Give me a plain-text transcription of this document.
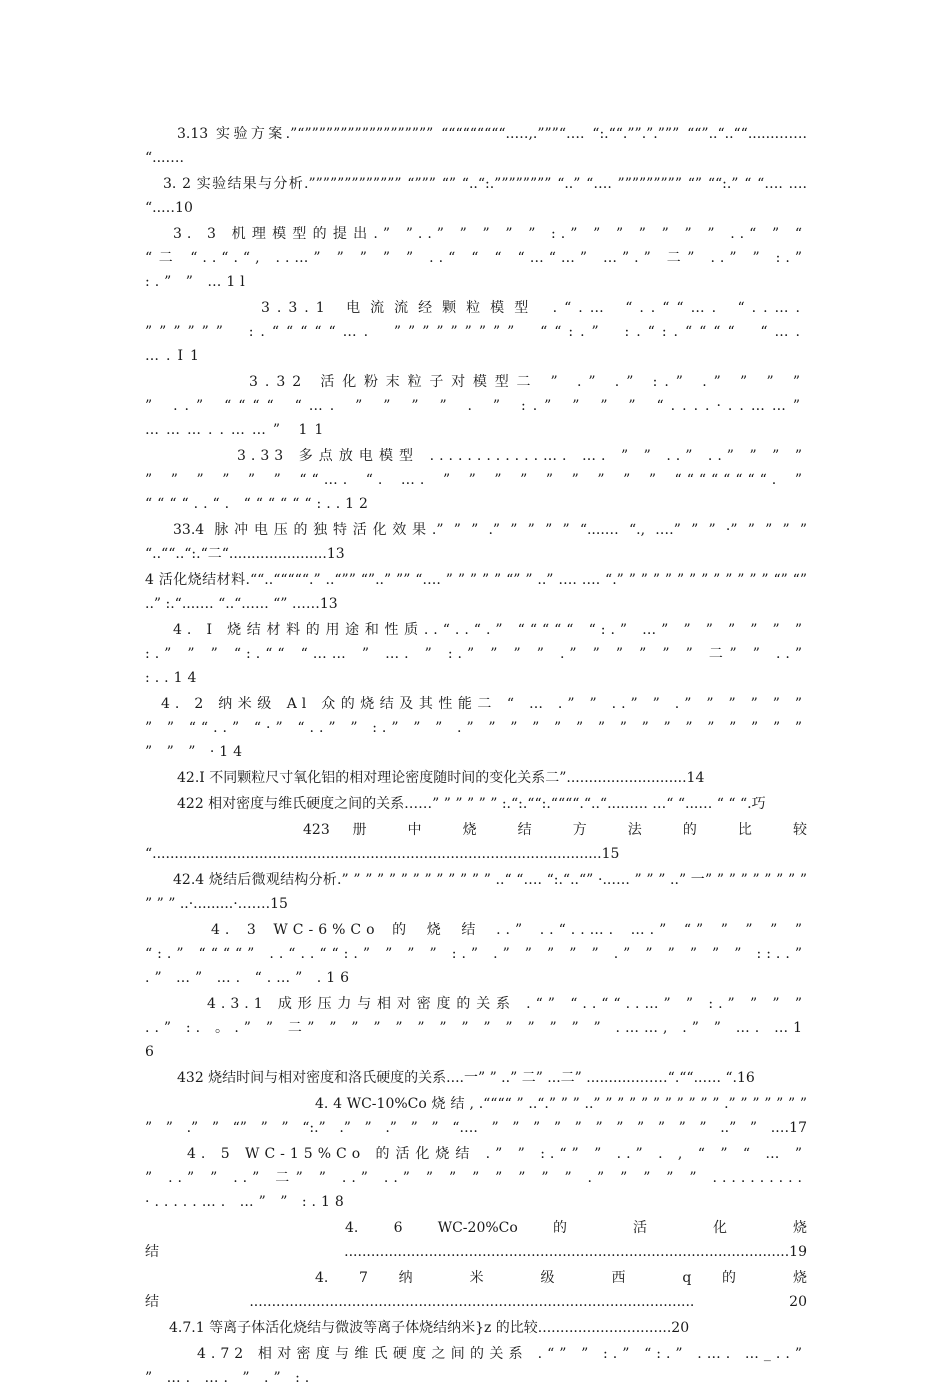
3.13 实验方案.”“”””””””””””””””””” “““““““““..…,.”””“…. “:.““.””.”.””” ““”..“..““......……. “...….

3. 2 实验结果与分析.””””””””””””” “””” “” “..“:.”””””””” “..” “…. ””””””””” “” ““:.” “ “…. …. “..…10

3. 3 机理模型的提出.” ”..” ” ” ” ” :.” ” ” ” ” ” ” ..“ ” “ “二 “..“.“, ..…” ” ” ” ” ..“ “ “ “…“…” …”.” 二” ..” ” :.” :.” ” …1l

3.3.1 电流流经颗粒模型 .“.… “..““…. “..…. ”””””” :.“““““…. ””””””””” ““:.” :.“:.““““ “…. ….I1

3.32 活化粉末粒子对模型二 ” .” .” :.” .” ” ” ” ” ..” ““““ “…. ” ” ” ” . ” :.” ” ” ” “....·..……” ………..……” 11

3.33 多点放电模型 ............…. …. ” ” ..” ..” ” ” ” ” ” ” ” ” ” ““…. “. …. ” ” ” ” ” ” ” ” ” ““““““““. ” ““““..“. ““““““:..12

33.4 脉冲电压的独特活化效果.” ” ” .” ” ” ” ” “....… “., .…” ” ” ·” ” ” ” ” “..““..“:.“二“......................13

4 活化烧结材料.““..“““““.” ..“”” “”..” ”” “…. ” ” ” ” ” “” ” ..” …. …. “.” ” ” ” ” ” ” ” ” ” ” ” ” “” “” ..” :.“...…. “..“..…. “” ……13

4. I 烧结材料的用途和性质..“..“.” “““““ “:.” …” ” ” ” ” ” ” :.” ” ” “:.““ “…… ” …. ” :.” ” ” ” .” ” ” ” ” ” 二” ” ..” :..14

4. 2 纳米级 Al 众的烧结及其性能二 “ … .” ” ..” ” .” ” ” ” ” ” ” ” ““..” “·” “..” ” :.” ” ” .” ” ” ” ” ” ” ” ” ” ” ” ” ” ” ” ” ” ” ·14

42.I 不同颗粒尺寸氧化铝的相对理论密度随时间的变化关系二”...........................14

422 相对密度与维氏硬度之间的关系……” ” ” ” ” ” :.“:.““:.““““.“..“.....…. …“ “...… “ “ “.巧

423 册 中 烧 结 方 法 的 比 较 “.....................................................................................................15

42.4 烧结后微观结构分析.” ” ” ” ” ” ” ” ” ” ” ” ” ..“ “…. “:.“..“” ·..…. ” ” ” ..” 一” ” ” ” ” ” ” ” ” ” ” ” ..·.........·…….15

4. 3 WC-6%Co 的 烧 结 ..” ..“..…. ….” “” ” ” ” ” “:.” ““““” ..“..““:.” ” ” ” :.” .” ” ” ” ” .” ” ” ” ” ” ::..” .” …” …. “.…” .16

4.3.1 成形压力与相对密度的关系 .“” “..““..…” ” :.” ” ” ” ..” :. 。.” ” 二” ” ” ” ” ” ” ” ” ” ” ” ” ” .……, .” ” …. …16

432 烧结时间与相对密度和洛氏硬度的关系....一” ” ..” 二” ...二” ............……“.““..…. “.16

4. 4 WC-10%Co 烧 结 , .““““ ” ..“.” ” ” ..” ” ” ” ” ” ” ” ” ” ” .” ” ” ” ” ” ” ” ” .” ” “” ” ” “:.” .” ” .” ” ” “…. ” ” ” ” ” ” ” ” ” ” ” ..” ” .…17

4. 5 WC-15%Co 的活化烧结 .” ” :.“” ” ..” . , “ ” “ … ” ” ..” ” ..” 二” ” ..” ..” ” ” ” ” ” ” ” .” ” ” ” ” ..........·.....…. …” ” :.18

4. 6 WC-20%Co 的 活 化 烧 结....................................................................................................19

4. 7 纳 米 级 西 q 的 烧 结.................................................................................................... 20

4.7.1 等离子体活化烧结与微波等离子体烧结纳米}z 的比较..............................20

4.72 相对密度与维氏硬度之间的关系 .“” ” :.” “:.” .…. …_..” ” …. …. ” .” :.
